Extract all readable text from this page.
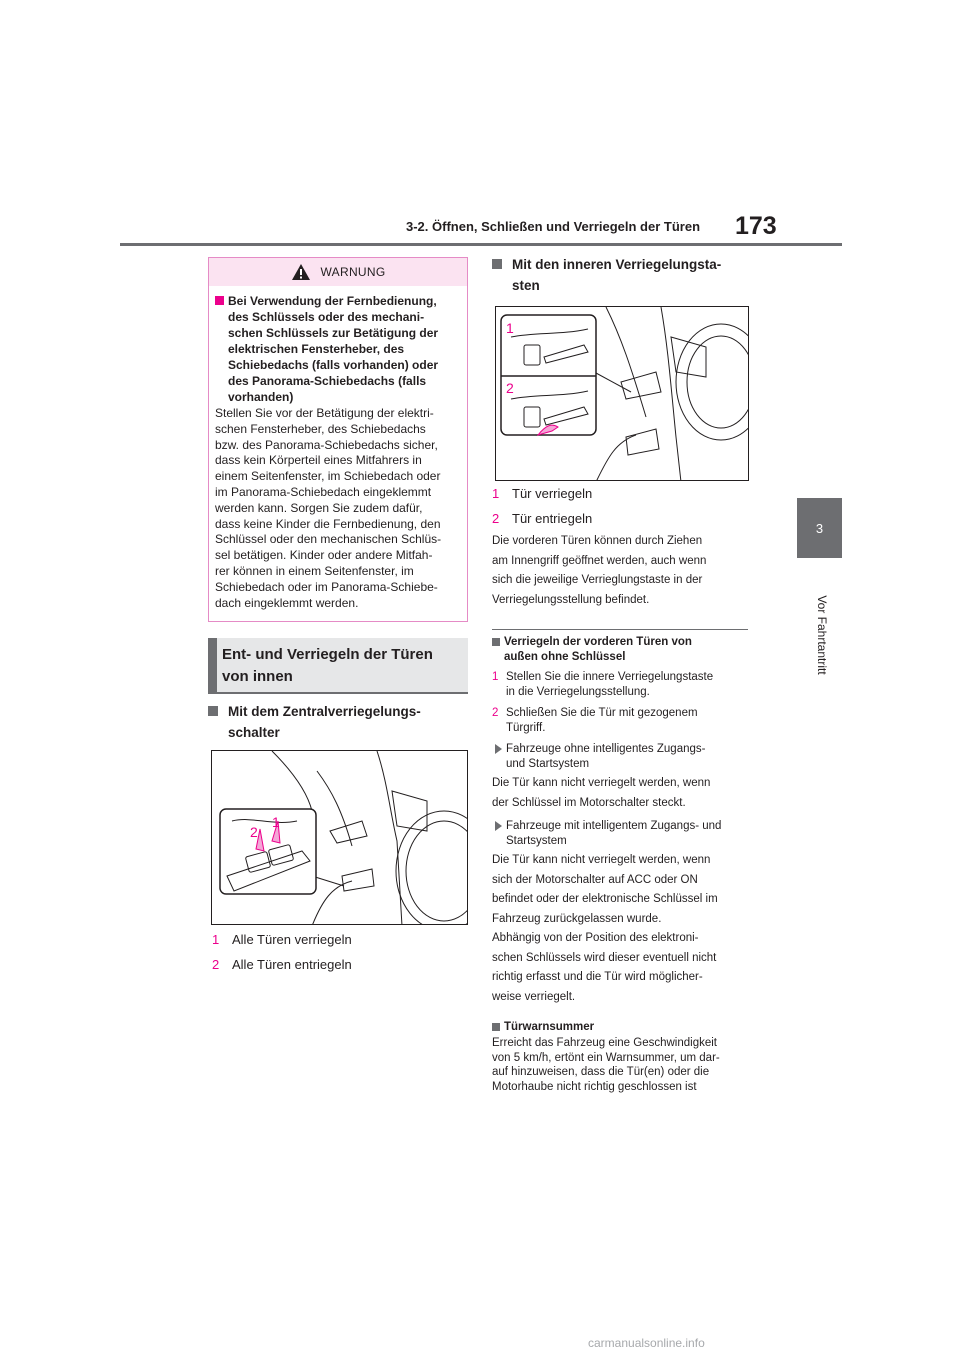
3-2. Öffnen, Schließen und Verriegeln der Türen 173
3
Vor Fahrtantritt
WARNUNG
Bei Verwendung der Fernbedienung,
des Schlüssels oder des mechani-
schen Schlüssels zur Betätigung der
elektrischen Fensterheber, des
Schiebedachs (falls vorhanden) oder
des Panorama-Schiebedachs (falls
vorhanden)
Stellen Sie vor der Betätigung der elektri-
schen Fensterheber, des Schiebedachs
bzw. des Panorama-Schiebedachs sicher,
dass kein Körperteil eines Mitfahrers in
einem Seitenfenster, im Schiebedach oder
im Panorama-Schiebedach eingeklemmt
werden kann. Sorgen Sie zudem dafür,
dass keine Kinder die Fernbedienung, den
Schlüssel oder den mechanischen Schlüs-
sel betätigen. Kinder oder andere Mitfah-
rer können in einem Seitenfenster, im
Schiebedach oder im Panorama-Schiebe-
dach eingeklemmt werden.
Ent- und Verriegeln der Türen
von innen
Mit dem Zentralverriegelungs-
schalter
2
1
1 Alle Türen verriegeln
2 Alle Türen entriegeln
Mit den inneren Verriegelungsta-
sten
1
2
1 Tür verriegeln
2 Tür entriegeln
Die vorderen Türen können durch Ziehen
am Innengriff geöffnet werden, auch wenn
sich die jeweilige Verrieglungstaste in der
Verriegelungsstellung befindet.
Verriegeln der vorderen Türen von
außen ohne Schlüssel
1 Stellen Sie die innere Verriegelungstaste
in die Verriegelungsstellung.
2 Schließen Sie die Tür mit gezogenem
Türgriff.
Fahrzeuge ohne intelligentes Zugangs-
und Startsystem
Die Tür kann nicht verriegelt werden, wenn
der Schlüssel im Motorschalter steckt.
Fahrzeuge mit intelligentem Zugangs- und
Startsystem
Die Tür kann nicht verriegelt werden, wenn
sich der Motorschalter auf ACC oder ON
befindet oder der elektronische Schlüssel im
Fahrzeug zurückgelassen wurde.
Abhängig von der Position des elektroni-
schen Schlüssels wird dieser eventuell nicht
richtig erfasst und die Tür wird möglicher-
weise verriegelt.
Türwarnsummer
Erreicht das Fahrzeug eine Geschwindigkeit
von 5 km/h, ertönt ein Warnsummer, um dar-
auf hinzuweisen, dass die Tür(en) oder die
Motorhaube nicht richtig geschlossen ist
carmanualsonline.info
